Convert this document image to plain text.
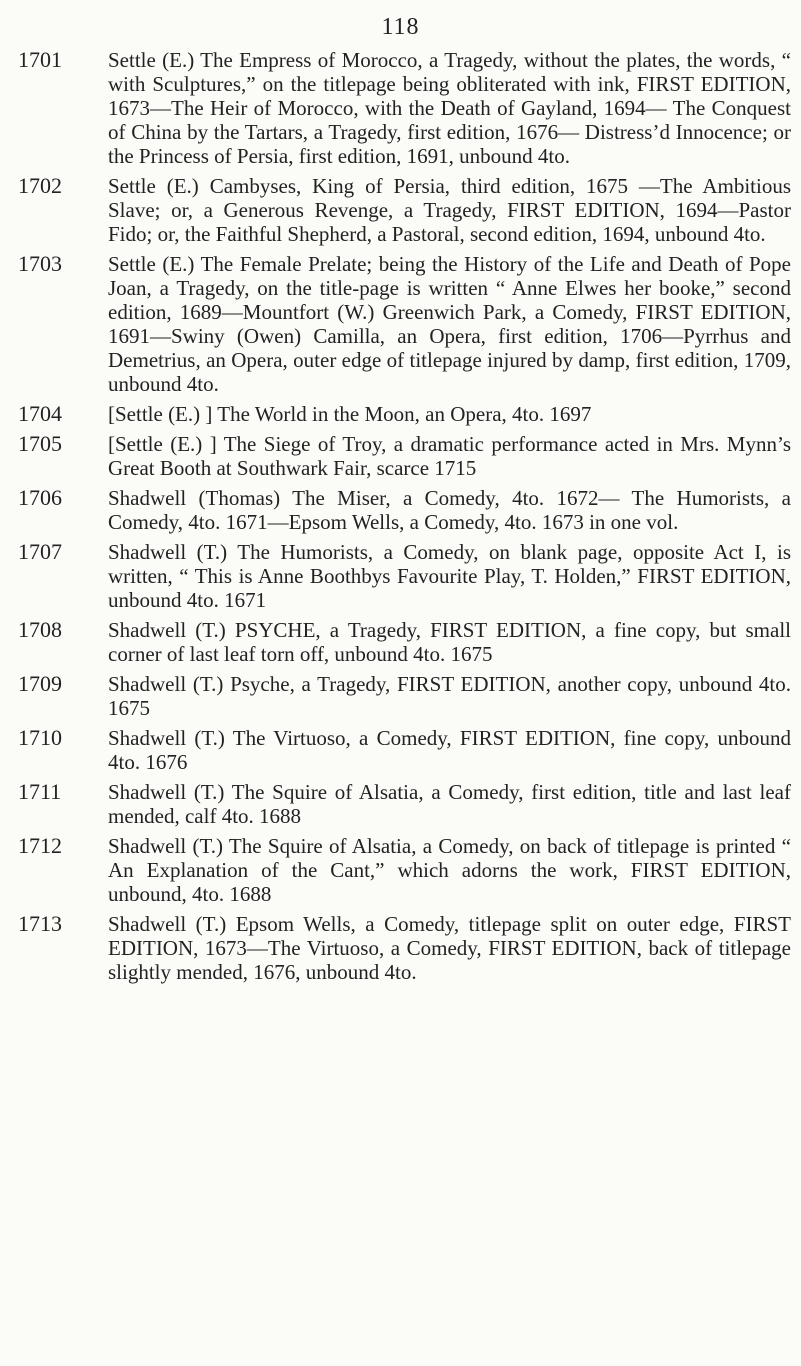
118
1701 Settle (E.) The Empress of Morocco, a Tragedy, without the plates, the words, “ with Sculptures,” on the titlepage being obliterated with ink, FIRST EDITION, 1673—The Heir of Morocco, with the Death of Gayland, 1694— The Conquest of China by the Tartars, a Tragedy, first edition, 1676— Distress’d Innocence; or the Princess of Persia, first edition, 1691, unbound 4to.
1702 Settle (E.) Cambyses, King of Persia, third edition, 1675 —The Ambitious Slave; or, a Generous Revenge, a Tragedy, FIRST EDITION, 1694—Pastor Fido; or, the Faithful Shepherd, a Pastoral, second edition, 1694, unbound 4to.
1703 Settle (E.) The Female Prelate; being the History of the Life and Death of Pope Joan, a Tragedy, on the title-page is written “ Anne Elwes her booke,” second edition, 1689—Mountfort (W.) Greenwich Park, a Comedy, FIRST EDITION, 1691—Swiny (Owen) Camilla, an Opera, first edition, 1706—Pyrrhus and Demetrius, an Opera, outer edge of titlepage injured by damp, first edition, 1709, unbound 4to.
1704 [Settle (E.) ] The World in the Moon, an Opera, 4to. 1697
1705 [Settle (E.) ] The Siege of Troy, a dramatic performance acted in Mrs. Mynn’s Great Booth at Southwark Fair, scarce 1715
1706 Shadwell (Thomas) The Miser, a Comedy, 4to. 1672— The Humorists, a Comedy, 4to. 1671—Epsom Wells, a Comedy, 4to. 1673 in one vol.
1707 Shadwell (T.) The Humorists, a Comedy, on blank page, opposite Act I, is written, “ This is Anne Boothbys Favourite Play, T. Holden,” FIRST EDITION, unbound 4to. 1671
1708 Shadwell (T.) PSYCHE, a Tragedy, FIRST EDITION, a fine copy, but small corner of last leaf torn off, unbound 4to. 1675
1709 Shadwell (T.) Psyche, a Tragedy, FIRST EDITION, another copy, unbound 4to. 1675
1710 Shadwell (T.) The Virtuoso, a Comedy, FIRST EDITION, fine copy, unbound 4to. 1676
1711 Shadwell (T.) The Squire of Alsatia, a Comedy, first edition, title and last leaf mended, calf 4to. 1688
1712 Shadwell (T.) The Squire of Alsatia, a Comedy, on back of titlepage is printed “ An Explanation of the Cant,” which adorns the work, FIRST EDITION, unbound, 4to. 1688
1713 Shadwell (T.) Epsom Wells, a Comedy, titlepage split on outer edge, FIRST EDITION, 1673—The Virtuoso, a Comedy, FIRST EDITION, back of titlepage slightly mended, 1676, unbound 4to.
